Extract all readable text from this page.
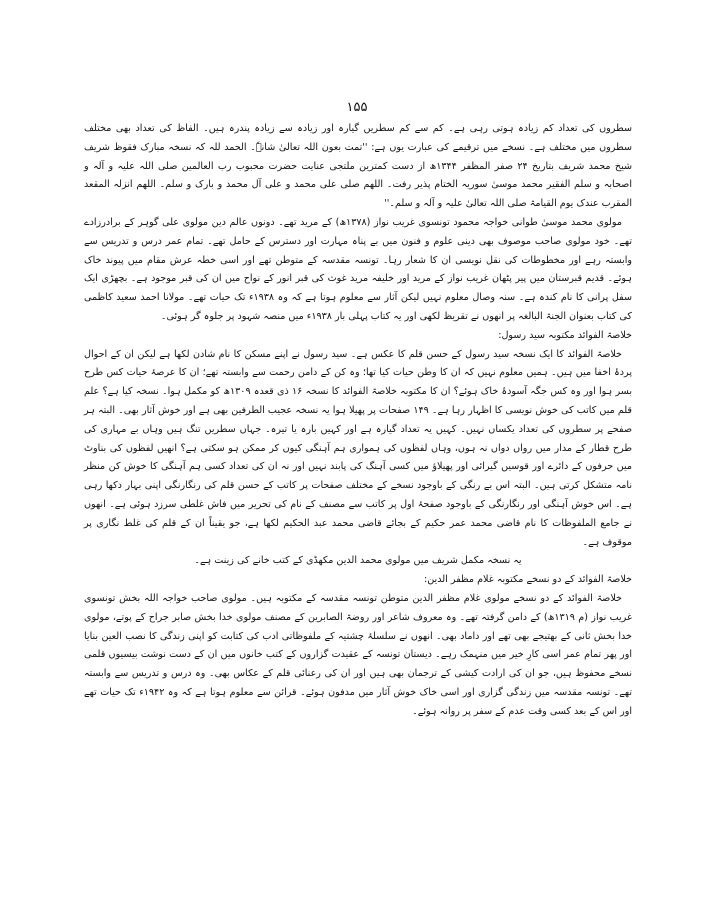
۱۵۵

سطروں کی تعداد کم زیادہ ہوتی رہی ہے۔ کم سے کم سطریں گیارہ اور زیادہ سے زیادہ پندرہ ہیں۔ الفاظ کی تعداد بھی مختلف سطروں میں مختلف ہے۔ نسخے میں ترقیمے کی عبارت یوں ہے: ''تمت بعون اللہ تعالیٰ شانہٗ۔ الحمد للہ کہ نسخہ مبارک فقوظ شریف شیخ محمد شریف بتاریخ ۲۴ صفر المظفر ۱۳۴۴ھ از دست کمترین ملتجی عنایت حضرت محبوب رب العالمین صلی اللہ علیہ و آلہ و اصحابہ و سلم الفقیر محمد موسیٰ سوریہ الختام پذیر رفت۔ اللھم صلی علی محمد و علی آل محمد و بارک و سلم۔ اللھم انزلہ المقعد المقرب عندک یوم القیامۃ صلی اللہ تعالیٰ علیہ و آلہ و سلم۔''

مولوی محمد موسیٰ طوانی خواجہ محمود تونسوی غریب نواز (۱۳۷۸ھ) کے مرید تھے۔ دونوں عالم دین مولوی علی گوہر کے برادرزادے تھے۔ خود مولوی صاحب موصوف بھی دینی علوم و فنون میں بے پناہ مہارت اور دسترس کے حامل تھے۔ تمام عمر درس و تدریس سے وابستہ رہے اور مخطوطات کی نقل نویسی ان کا شعار رہا۔ تونسہ مقدسہ کے متوطن تھے اور اسی خطہ عرش مقام میں پیوند خاک ہوئے۔ قدیم قبرستان میں پیر پٹھان غریب نواز کے مرید اور خلیفہ مرید غوث کی قبر انور کے نواح میں ان کی قبر موجود ہے۔ بچھڑی ایک سفل پرانی کا نام کندہ ہے۔ سنہ وصال معلوم نہیں لیکن آثار سے معلوم ہوتا ہے کہ وہ ۱۹۳۸ء تک حیات تھے۔ مولانا احمد سعید کاظمی کی کتاب بعنوان الجنۃ البالغہ پر انھوں نے تقریظ لکھی اور یہ کتاب پہلی بار ۱۹۳۸ء میں منصہ شہود پر جلوہ گر ہوئی۔

خلاصۃ الفوائد مکتوبہ سید رسول:

خلاصۃ الفوائد کا ایک نسخہ سید رسول کے حسن قلم کا عکس ہے۔ سید رسول نے اپنے مسکن کا نام شادن لکھا ہے لیکن ان کے احوال پردۂ اخفا میں ہیں۔ ہمیں معلوم نہیں کہ ان کا وطن حیات کیا تھا؛ وہ کن کے دامن رحمت سے وابستہ تھے؛ ان کا عرصۂ حیات کس طرح بسر ہوا اور وہ کس جگہ آسودۂ خاک ہوئے؟ ان کا مکتوبہ خلاصۃ الفوائد کا نسخہ ۱۶ ذی قعدہ ۱۳۰۹ھ کو مکمل ہوا۔ نسخہ کیا ہے؟ علم قلم میں کاتب کی خوش نویسی کا اظہار رہا ہے۔ ۱۴۹ صفحات پر پھیلا ہوا یہ نسخہ عجیب الطرفین بھی ہے اور خوش آثار بھی۔ البتہ ہر صفحے پر سطروں کی تعداد یکساں نہیں۔ کہیں یہ تعداد گیارہ ہے اور کہیں بارہ یا تیرہ۔ جہاں سطریں تنگ ہیں وہاں بے مہاری کی طرح قطار کے مدار میں رواں دواں نہ ہوں، وہاں لفظوں کی ہمواری ہم آہنگی کیوں کر ممکن ہو سکتی ہے؟ انھیں لفظوں کی بناوٹ میں حرفوں کے دائرے اور قوسیں گیرائی اور پھیلاؤ میں کسی آہنگ کی پابند نہیں اور نہ ان کی تعداد کسی ہم آہنگی کا خوش کن منظر نامہ متشکل کرتی ہیں۔ البتہ اس بے رنگی کے باوجود نسخے کے مختلف صفحات پر کاتب کے حسن قلم کی رنگارنگی اپنی بہار دکھا رہی ہے۔ اس خوش آہنگی اور رنگارنگی کے باوجود صفحۂ اول پر کاتب سے مصنف کے نام کی تحریر میں فاش غلطی سرزد ہوئی ہے۔ انھوں نے جامع الملفوظات کا نام قاضی محمد عمر حکیم کے بجائے قاضی محمد عبد الحکیم لکھا ہے، جو یقیناً ان کے قلم کی غلط نگاری پر موقوف ہے۔

یہ نسخہ مکمل شریف میں مولوی محمد الدین مکھڈی کے کتب خانے کی زینت ہے۔

خلاصۃ الفوائد کے دو نسخے مکتوبہ غلام مظفر الدین:

خلاصۃ الفوائد کے دو نسخے مولوی غلام مظفر الدین متوطن تونسہ مقدسہ کے مکتوبہ ہیں۔ مولوی صاحب خواجہ اللہ بخش تونسوی غریب نواز (م ۱۳۱۹ھ) کے دامن گرفتہ تھے۔ وہ معروف شاعر اور روضۃ الصابرین کے مصنف مولوی خدا بخش صابر جراح کے پوتے، مولوی خدا بخش ثانی کے بھتیجے بھی تھے اور داماد بھی۔ انھوں نے سلسلۂ چشتیہ کے ملفوظاتی ادب کی کتابت کو اپنی زندگی کا نصب العین بنایا اور پھر تمام عمر اسی کارِ خیر میں منہمک رہے۔ دیستان تونسہ کے عقیدت گزاروں کے کتب خانوں میں ان کے دست نوشت بیسیوں قلمی نسخے محفوظ ہیں، جو ان کی ارادت کیشی کے ترجمان بھی ہیں اور ان کی رعنائی قلم کے عکاس بھی۔ وہ درس و تدریس سے وابستہ تھے۔ تونسہ مقدسہ میں زندگی گزاری اور اسی خاک خوش آثار میں مدفون ہوئے۔ قرائن سے معلوم ہوتا ہے کہ وہ ۱۹۴۲ء تک حیات تھے اور اس کے بعد کسی وقت عدم کے سفر پر روانہ ہوئے۔
